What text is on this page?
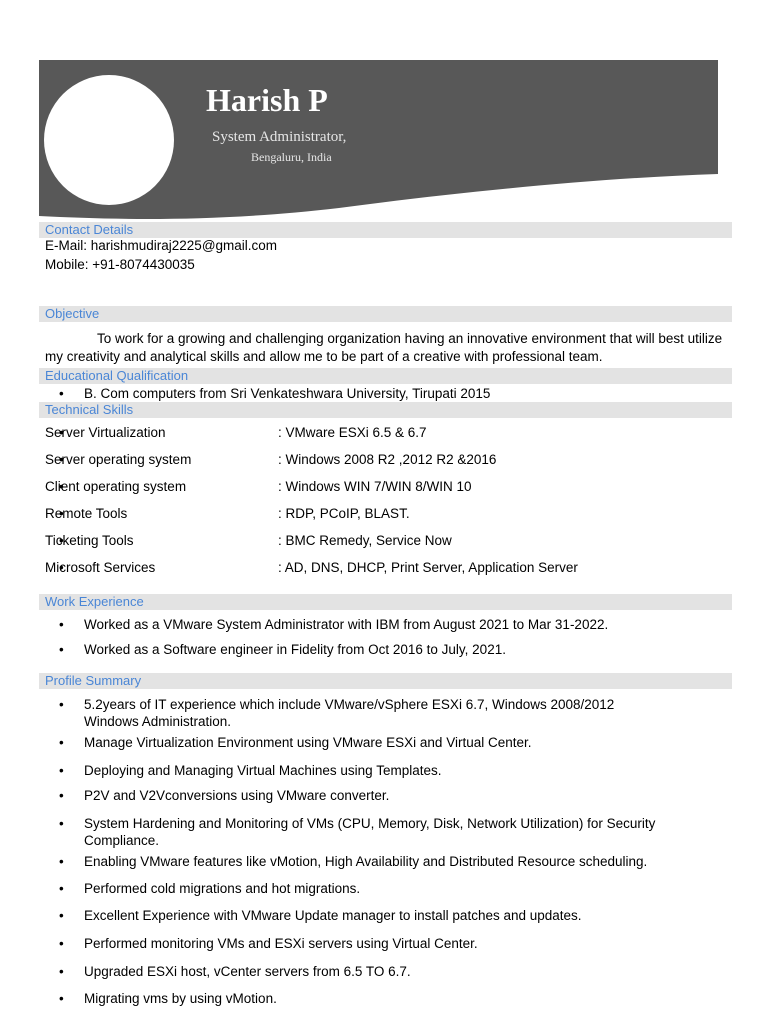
Harish P
System Administrator,
Bengaluru, India
Contact Details
E-Mail: harishmudiraj2225@gmail.com
Mobile: +91-8074430035
Objective
To work for a growing and challenging organization having an innovative environment that will best utilize my creativity and analytical skills and allow me to be part of a creative with professional team.
Educational Qualification
• B. Com computers from Sri Venkateshwara University, Tirupati 2015
Technical Skills
• Server Virtualization	: VMware ESXi 6.5 & 6.7
• Server operating system	: Windows 2008 R2 ,2012 R2 &2016
• Client operating system	: Windows WIN 7/WIN 8/WIN 10
• Remote Tools	: RDP, PCoIP, BLAST.
• Ticketing Tools	: BMC Remedy, Service Now
• Microsoft Services	: AD, DNS, DHCP, Print Server, Application Server
Work Experience
• Worked as a VMware System Administrator with IBM from August 2021 to Mar 31-2022.
• Worked as a Software engineer in Fidelity from Oct 2016 to July, 2021.
Profile Summary
• 5.2years of IT experience which include VMware/vSphere ESXi 6.7, Windows 2008/2012 Windows Administration.
• Manage Virtualization Environment using VMware ESXi and Virtual Center.
• Deploying and Managing Virtual Machines using Templates.
• P2V and V2Vconversions using VMware converter.
• System Hardening and Monitoring of VMs (CPU, Memory, Disk, Network Utilization) for Security Compliance.
• Enabling VMware features like vMotion, High Availability and Distributed Resource scheduling.
• Performed cold migrations and hot migrations.
• Excellent Experience with VMware Update manager to install patches and updates.
• Performed monitoring VMs and ESXi servers using Virtual Center.
• Upgraded ESXi host, vCenter servers from 6.5 TO 6.7.
• Migrating vms by using vMotion.
